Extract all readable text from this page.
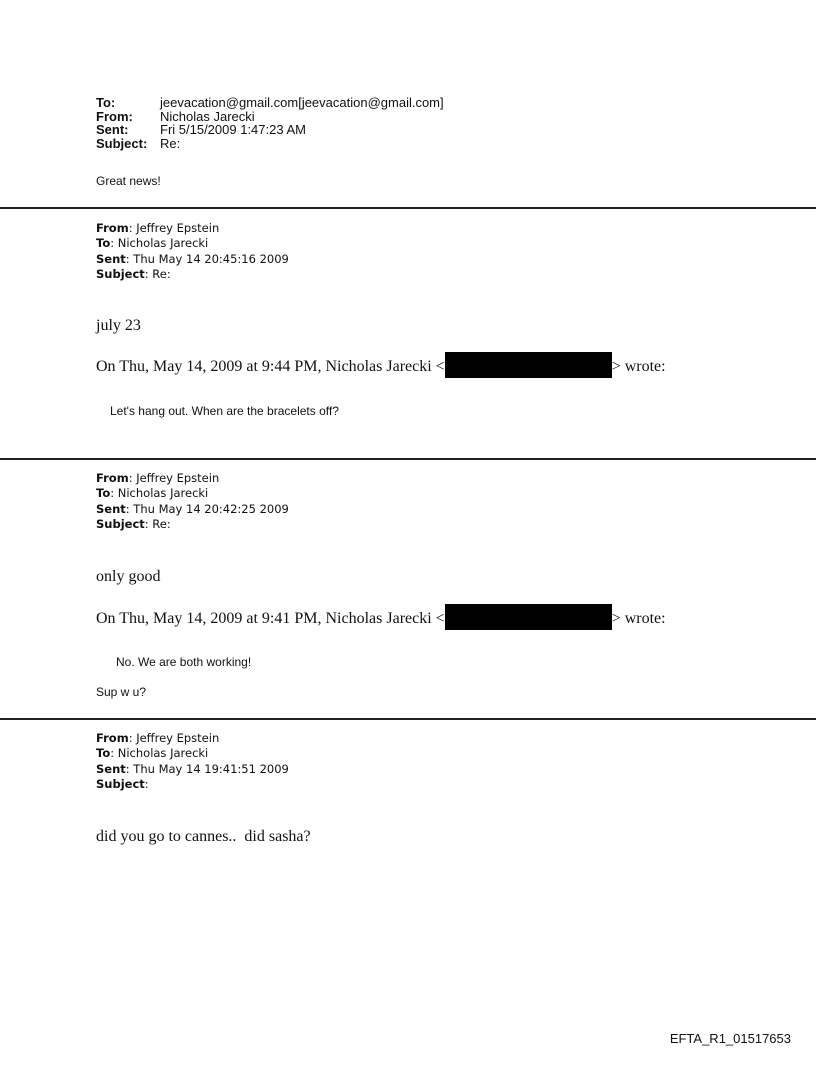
To:	jeevacation@gmail.com[jeevacation@gmail.com]
From:	Nicholas Jarecki
Sent:	Fri 5/15/2009 1:47:23 AM
Subject: Re:
Great news!
From: Jeffrey Epstein
To: Nicholas Jarecki
Sent: Thu May 14 20:45:16 2009
Subject: Re:
july 23
On Thu, May 14, 2009 at 9:44 PM, Nicholas Jarecki <	> wrote:
Let's hang out. When are the bracelets off?
From: Jeffrey Epstein
To: Nicholas Jarecki
Sent: Thu May 14 20:42:25 2009
Subject: Re:
only good
On Thu, May 14, 2009 at 9:41 PM, Nicholas Jarecki <	> wrote:
No. We are both working!
Sup w u?
From: Jeffrey Epstein
To: Nicholas Jarecki
Sent: Thu May 14 19:41:51 2009
Subject:
did you go to cannes..  did sasha?
EFTA_R1_01517653
